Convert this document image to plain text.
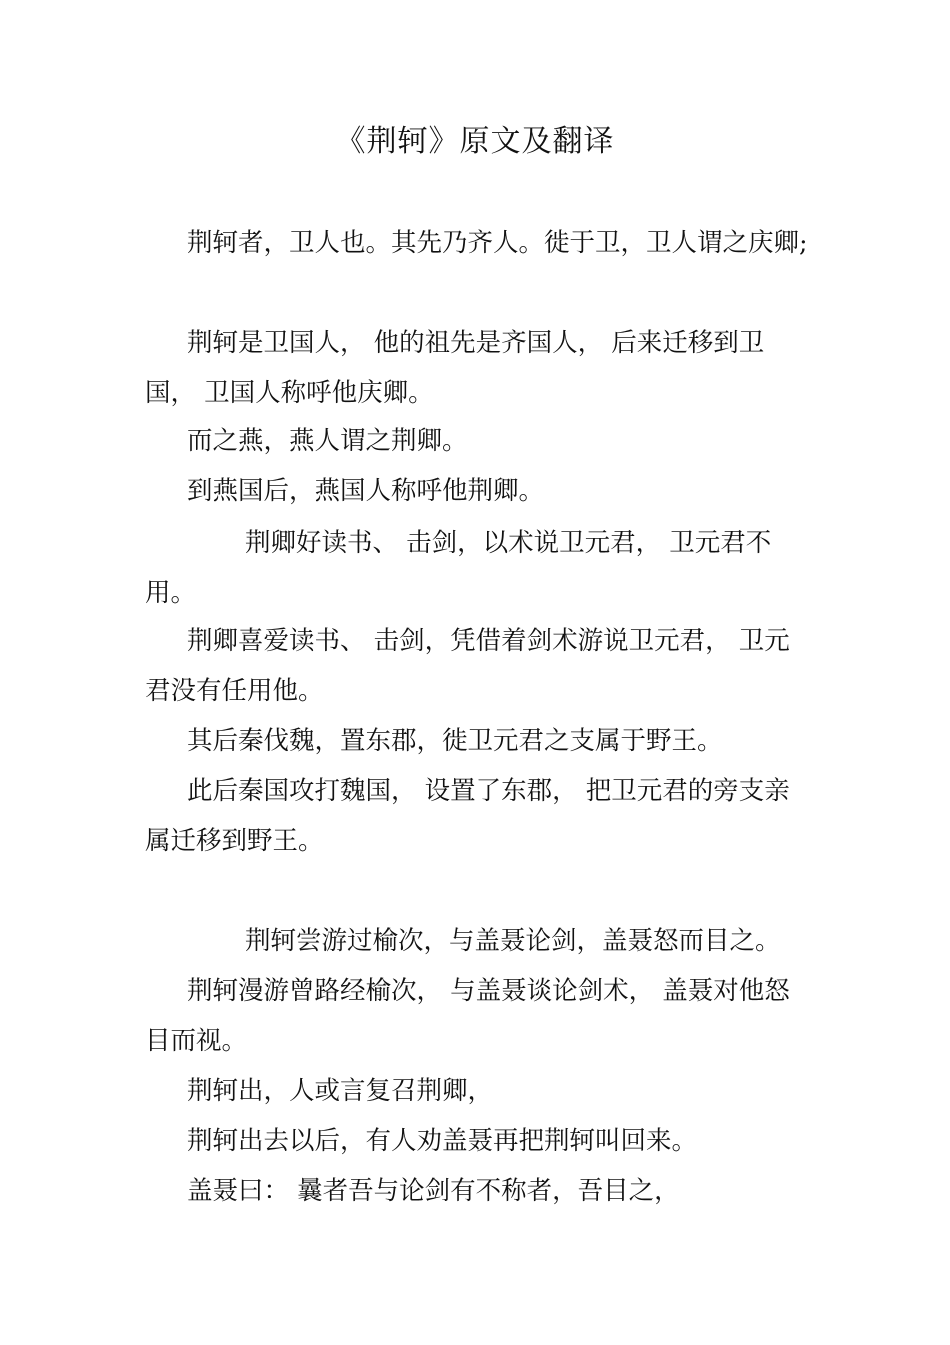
《荆轲》原文及翻译

荆轲者，卫人也。其先乃齐人。徙于卫，卫人谓之庆卿;

荆轲是卫国人， 他的祖先是齐国人， 后来迁移到卫国， 卫国人称呼他庆卿。

而之燕，燕人谓之荆卿。

到燕国后，燕国人称呼他荆卿。

荆卿好读书、 击剑，以术说卫元君， 卫元君不用。

荆卿喜爱读书、 击剑，凭借着剑术游说卫元君， 卫元君没有任用他。

其后秦伐魏，置东郡，徙卫元君之支属于野王。

此后秦国攻打魏国， 设置了东郡， 把卫元君的旁支亲属迁移到野王。

荆轲尝游过榆次，与盖聂论剑，盖聂怒而目之。

荆轲漫游曾路经榆次， 与盖聂谈论剑术， 盖聂对他怒目而视。

荆轲出，人或言复召荆卿，

荆轲出去以后，有人劝盖聂再把荆轲叫回来。

盖聂曰： 曩者吾与论剑有不称者，吾目之，
